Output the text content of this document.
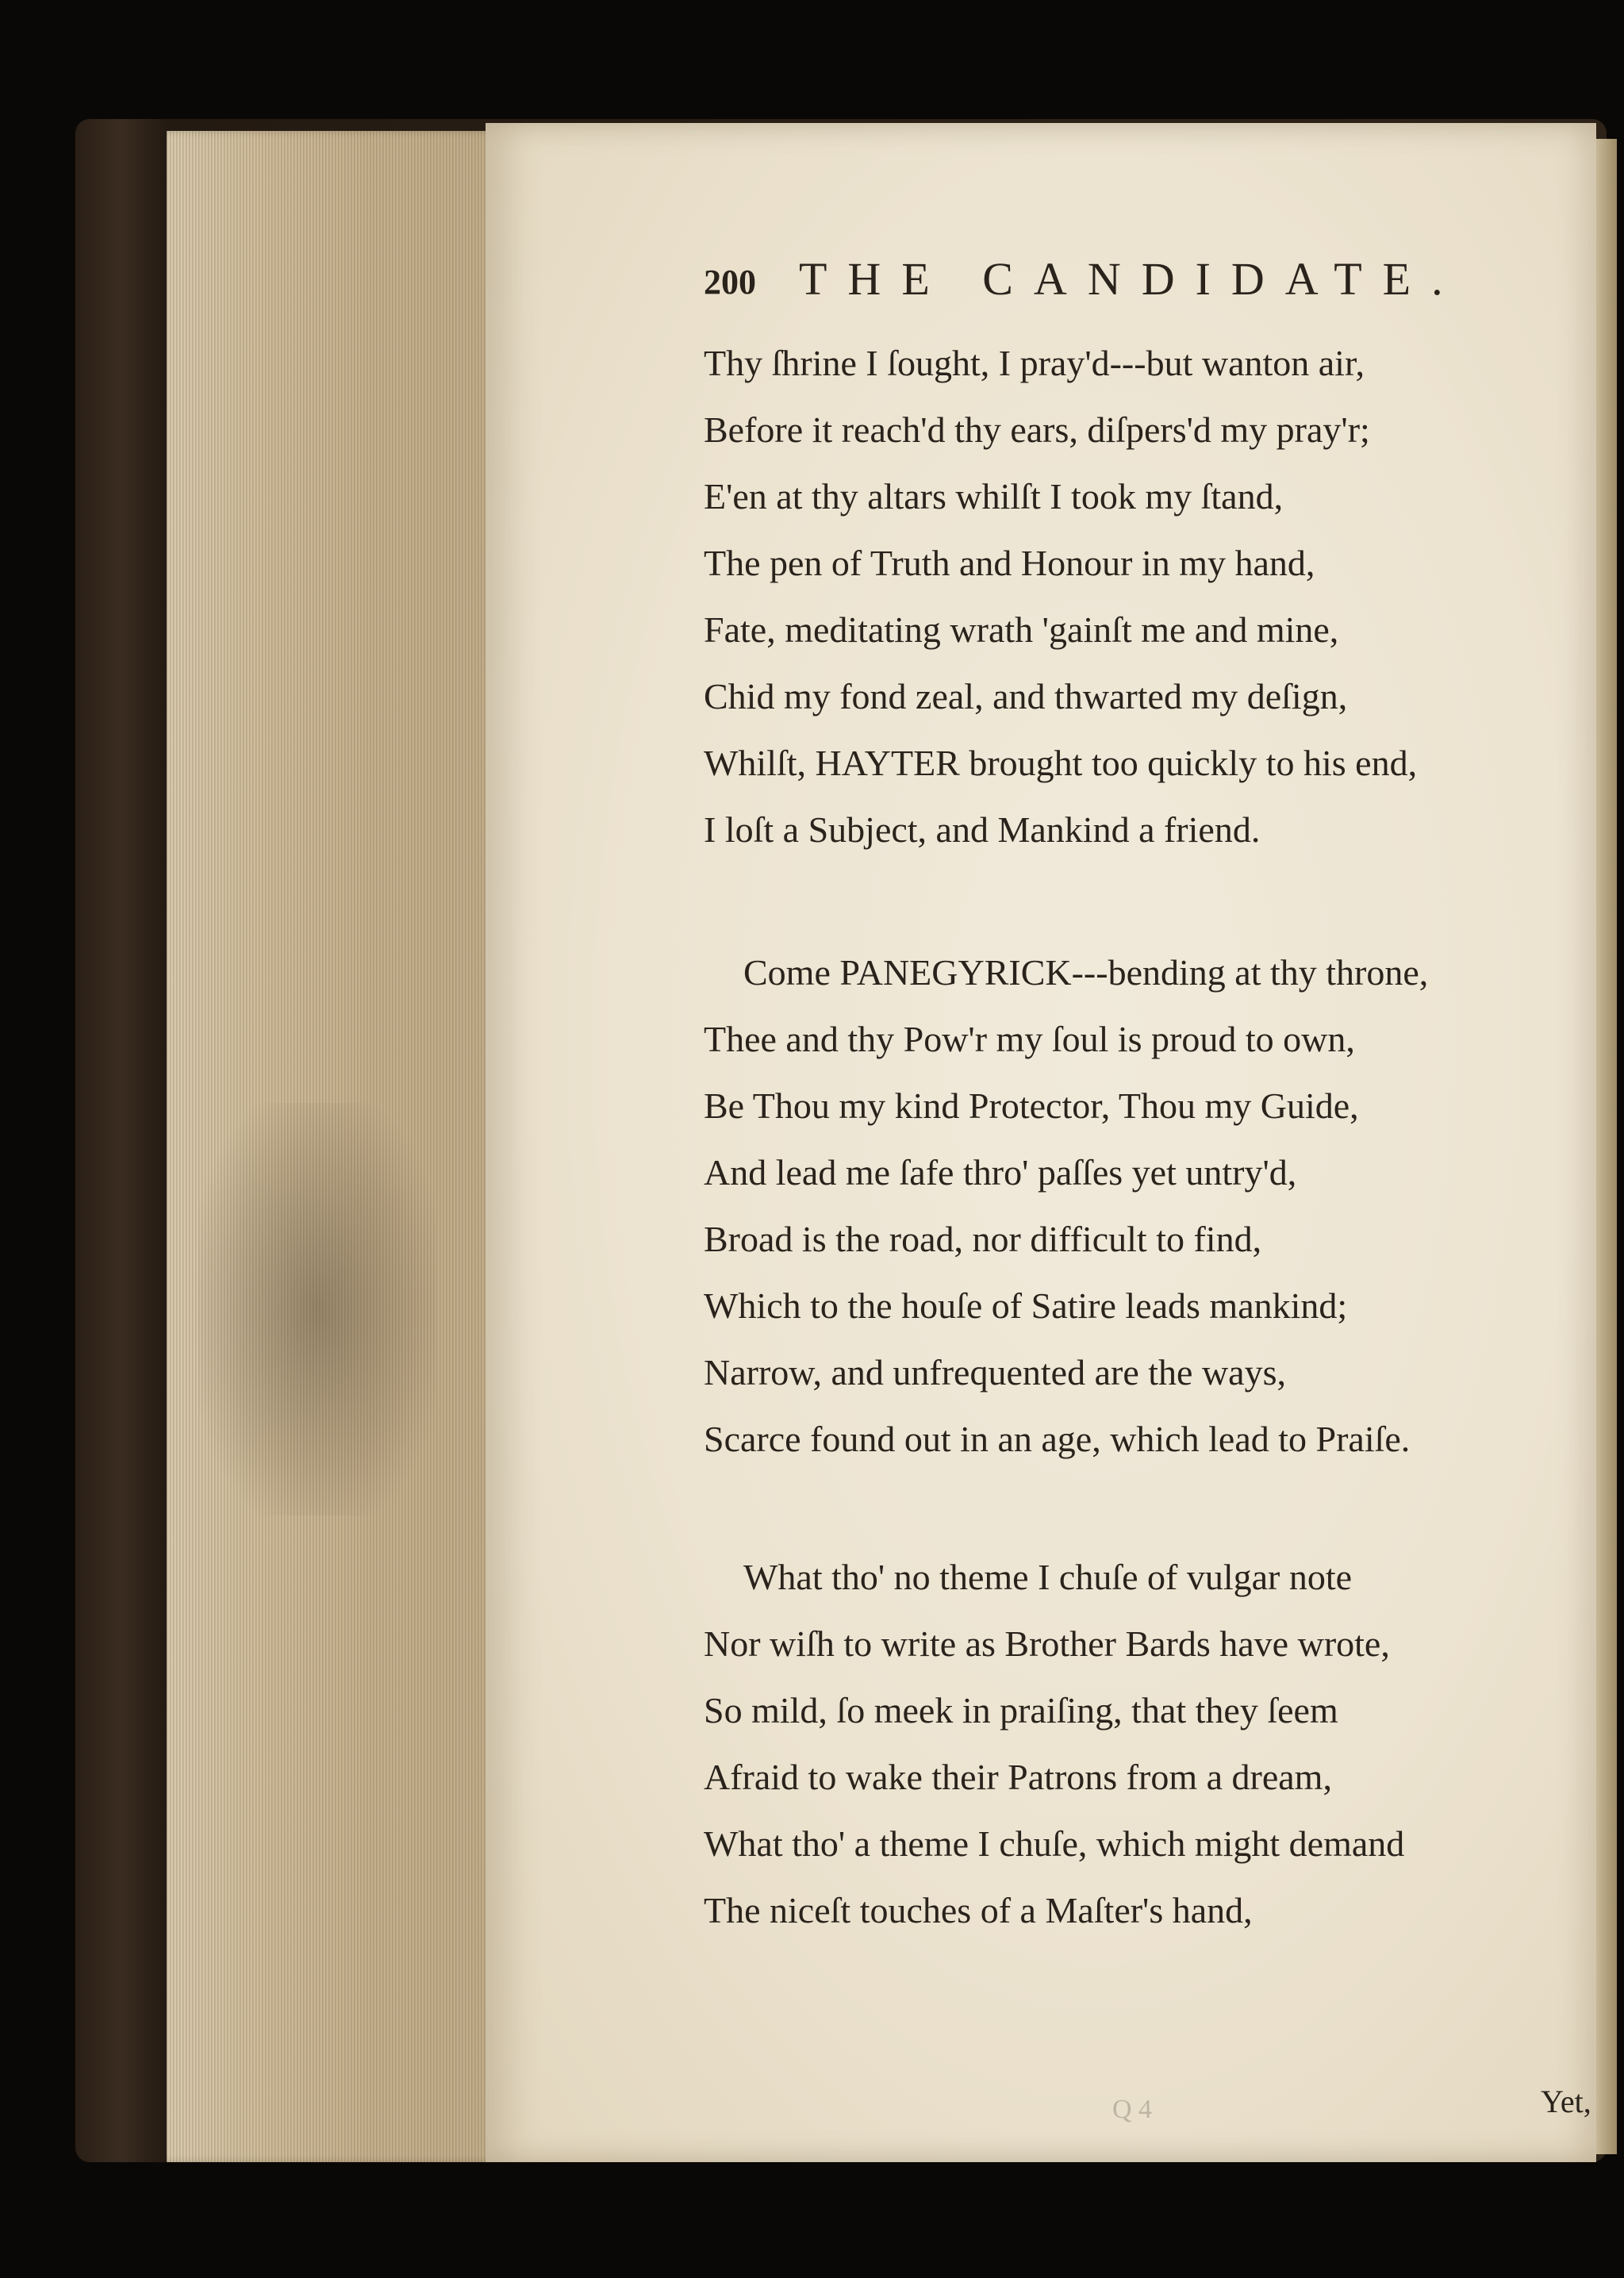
200 THE CANDIDATE.
Thy ſhrine I ſought, I pray'd---but wanton air,
Before it reach'd thy ears, diſpers'd my pray'r;
E'en at thy altars whilſt I took my ſtand,
The pen of Truth and Honour in my hand,
Fate, meditating wrath 'gainſt me and mine,
Chid my fond zeal, and thwarted my deſign,
Whilſt, HAYTER brought too quickly to his end,
I loſt a Subject, and Mankind a friend.
Come PANEGYRICK---bending at thy throne,
Thee and thy Pow'r my ſoul is proud to own,
Be Thou my kind Protector, Thou my Guide,
And lead me ſafe thro' paſſes yet untry'd,
Broad is the road, nor difficult to find,
Which to the houſe of Satire leads mankind;
Narrow, and unfrequented are the ways,
Scarce found out in an age, which lead to Praiſe.
What tho' no theme I chuſe of vulgar note
Nor wiſh to write as Brother Bards have wrote,
So mild, ſo meek in praiſing, that they ſeem
Afraid to wake their Patrons from a dream,
What tho' a theme I chuſe, which might demand
The niceſt touches of a Maſter's hand,
Q 4	Yet,
